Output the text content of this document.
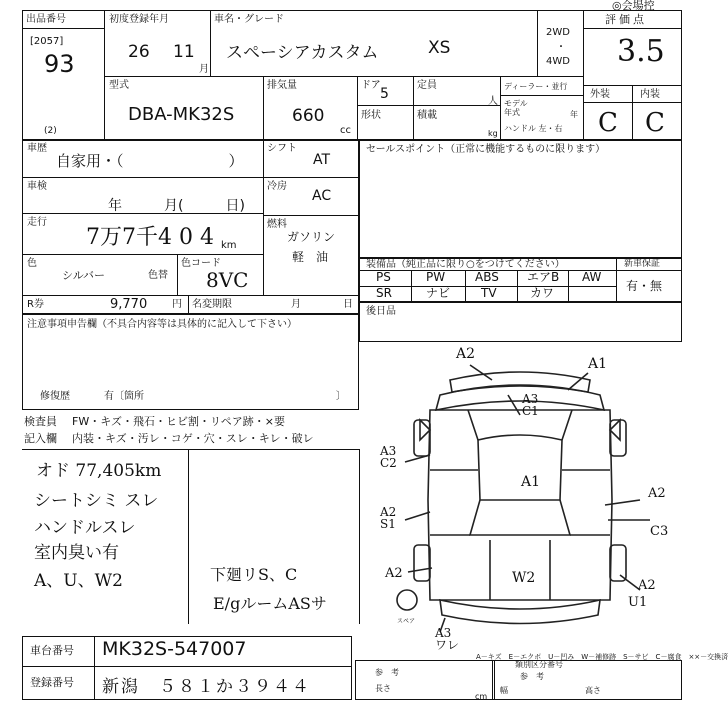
◎会場控
出品番号
[2057]
93
初度登録年月
26 11
月
車名・グレード
スペーシアカスタム	XS
2WD
・
4WD
評価点
3.5
型式
DBA-MK32S
(2)
排気量
660
cc
ドア
5
定員
人
形状	積載
kg
ディーラー・並行
モデル年式	年
ハンドル 左・右
外装	内装
C C
車歴
自家用・（　　　　　　　）
シフト
AT
車検
年　　　月(　　　日)
冷房
AC
走行
7万7千4 0 4 km
燃料
ガソリン
軽　油
色
シルバー	色替
色コード
8VC
R券	9,770 円 名変期限	月	日
注意事項申告欄（不具合内容等は具体的に記入して下さい）
修復歴	有〔箇所	〕
検査員 FW・キズ・飛石・ヒビ割・リペア跡・×要
記入欄 内装・キズ・汚レ・コゲ・穴・スレ・キレ・破レ
オド 77,405km
シートシミ スレ
ハンドルスレ
室内臭い有
A、U、W2	下廻リS、C
E/gルームASサ
セールスポイント（正常に機能するものに限ります）
装備品（純正品に限り○をつけてください）	新車保証
有・無
PS	PW ABS エアB AW
SR	ナビ	TV	カワ
後日品
A2
A1
A3 C1
A3 C2
A1
A2
C3
A2 S1
A2	W2	A2
U1
A3 ワレ
スペア
A－キズ　E－エクボ　U－凹み　W－補修跡　S－サビ　C－腐食　××－交換済
車台番号 MK32S-547007
登録番号 新潟　５８１か３９４４
参　考
長さ
cm
類別区分番号
参　考
幅	高さ
